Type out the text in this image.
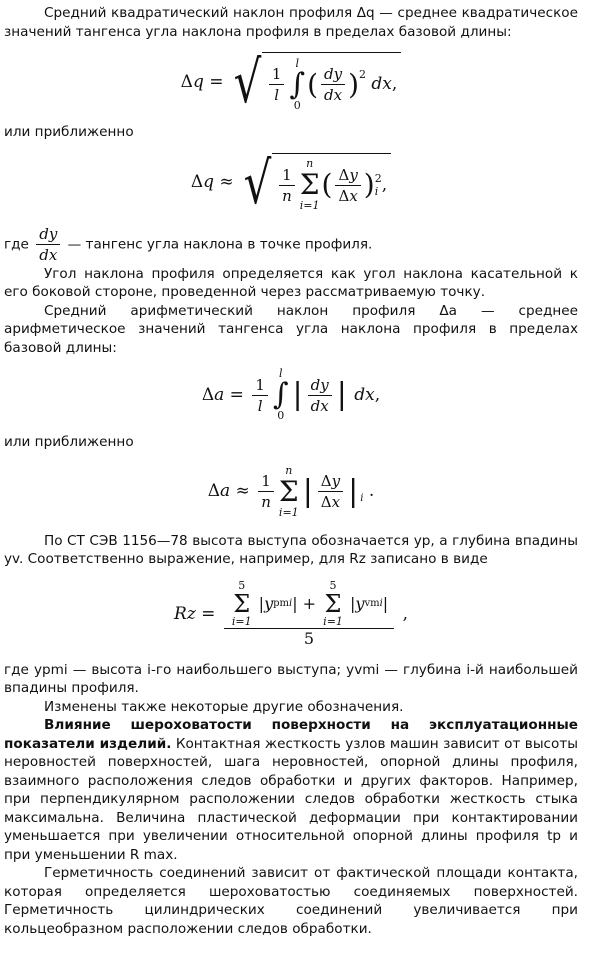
Средний квадратический наклон профиля Δq — среднее квадратическое значений тангенса угла наклона профиля в пределах базовой длины:

Δq = √ $\frac{1}{l}$
l
∫
0
( $\frac{dy}{dx} )^2$
dx ,

или приближенно

Δq ≈ √ $\frac{1}{n}$
n
Σ
i=1
( $\frac{\Delta y}{\Delta x}$ ) 2
i ,

где $\frac{dy}{dx}$ — тангенс угла наклона в точке профиля.

Угол наклона профиля определяется как угол наклона касательной к его боковой стороне, проведенной через рассматриваемую точку.

Средний арифметический наклон профиля Δa — среднее арифметическое значений тангенса угла наклона профиля в пределах базовой длины:

$\Delta a = \frac{1}{l}$
l
∫
0
| $\frac{dy}{dx}$ |
dx ,

или приближенно

$\Delta a \approx \frac{1}{n}$
n
Σ
i=1
| $\frac{\Delta y}{\Delta x}$ | $_i$ .

По СТ СЭВ 1156—78 высота выступа обозначается yp, а глубина впадины yv. Соответственно выражение, например, для Rz записано в виде

Rz = 5
Σ
i=1
| y pmi | +
5
Σ
i=1
| y vmi |
5 ,

где ypmi — высота i-го наибольшего выступа; yvmi — глубина i-й наибольшей впадины профиля.

Изменены также некоторые другие обозначения.

Влияние шероховатости поверхности на эксплуатационные показатели изделий. Контактная жесткость узлов машин зависит от высоты неровностей поверхностей, шага неровностей, опорной длины профиля, взаимного расположения следов обработки и других факторов. Например, при перпендикулярном расположении следов обработки жесткость стыка максимальна. Величина пластической деформации при контактировании уменьшается при увеличении относительной опорной длины профиля tp и при уменьшении R max.

Герметичность соединений зависит от фактической площади контакта, которая определяется шероховатостью соединяемых поверхностей. Герметичность цилиндрических соединений увеличивается при кольцеобразном расположении следов обработки.
